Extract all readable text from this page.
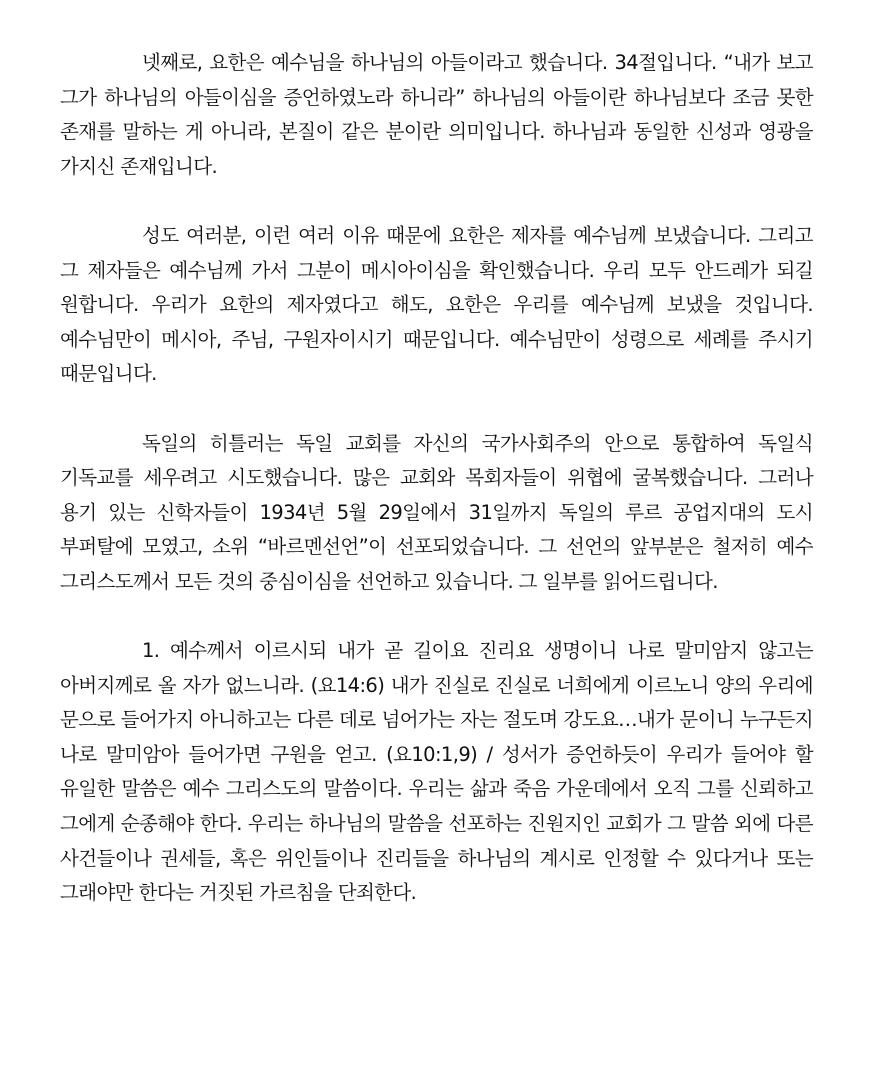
넷째로, 요한은 예수님을 하나님의 아들이라고 했습니다. 34절입니다. “내가 보고 그가 하나님의 아들이심을 증언하였노라 하니라” 하나님의 아들이란 하나님보다 조금 못한 존재를 말하는 게 아니라, 본질이 같은 분이란 의미입니다. 하나님과 동일한 신성과 영광을 가지신 존재입니다.

성도 여러분, 이런 여러 이유 때문에 요한은 제자를 예수님께 보냈습니다. 그리고 그 제자들은 예수님께 가서 그분이 메시아이심을 확인했습니다. 우리 모두 안드레가 되길 원합니다. 우리가 요한의 제자였다고 해도, 요한은 우리를 예수님께 보냈을 것입니다. 예수님만이 메시아, 주님, 구원자이시기 때문입니다. 예수님만이 성령으로 세례를 주시기 때문입니다.

독일의 히틀러는 독일 교회를 자신의 국가사회주의 안으로 통합하여 독일식 기독교를 세우려고 시도했습니다. 많은 교회와 목회자들이 위협에 굴복했습니다. 그러나 용기 있는 신학자들이 1934년 5월 29일에서 31일까지 독일의 루르 공업지대의 도시 부퍼탈에 모였고, 소위 “바르멘선언”이 선포되었습니다. 그 선언의 앞부분은 철저히 예수 그리스도께서 모든 것의 중심이심을 선언하고 있습니다. 그 일부를 읽어드립니다.

1. 예수께서 이르시되 내가 곧 길이요 진리요 생명이니 나로 말미암지 않고는 아버지께로 올 자가 없느니라. (요14:6) 내가 진실로 진실로 너희에게 이르노니 양의 우리에 문으로 들어가지 아니하고는 다른 데로 넘어가는 자는 절도며 강도요…내가 문이니 누구든지 나로 말미암아 들어가면 구원을 얻고. (요10:1,9) / 성서가 증언하듯이 우리가 들어야 할 유일한 말씀은 예수 그리스도의 말씀이다. 우리는 삶과 죽음 가운데에서 오직 그를 신뢰하고 그에게 순종해야 한다. 우리는 하나님의 말씀을 선포하는 진원지인 교회가 그 말씀 외에 다른 사건들이나 권세들, 혹은 위인들이나 진리들을 하나님의 계시로 인정할 수 있다거나 또는 그래야만 한다는 거짓된 가르침을 단죄한다.
